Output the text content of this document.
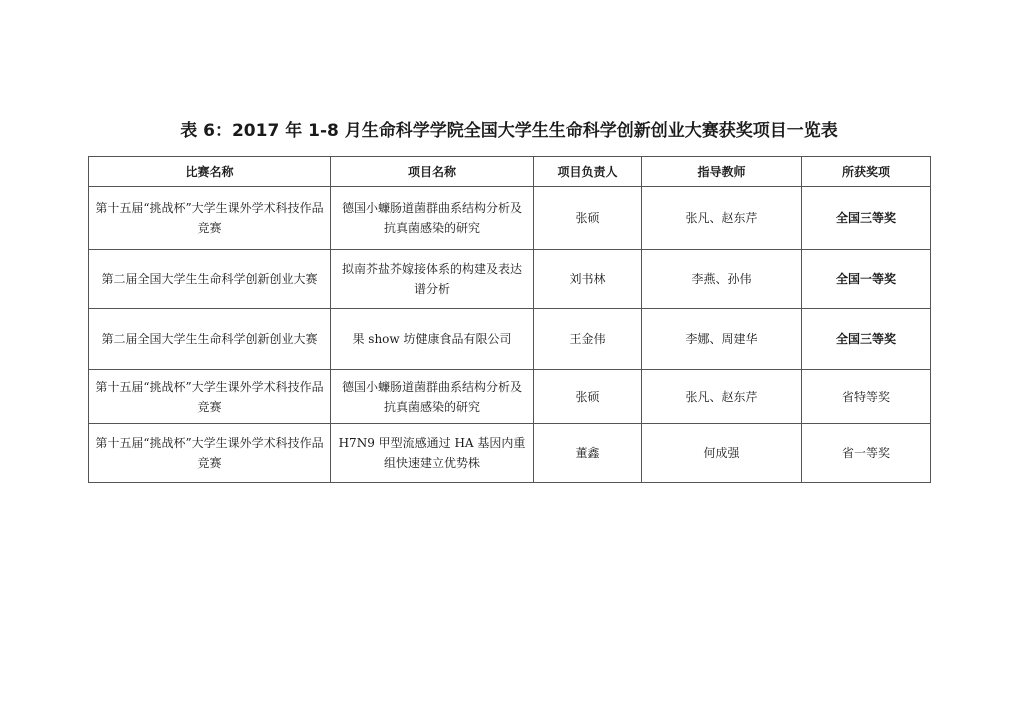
表 6：2017 年 1-8 月生命科学学院全国大学生生命科学创新创业大赛获奖项目一览表
比赛名称	项目名称	项目负责人	指导教师	所获奖项
第十五届“挑战杯”大学生课外学术科技作品竞赛	德国小蠊肠道菌群曲系结构分析及抗真菌感染的研究	张硕	张凡、赵东芹	全国三等奖
第二届全国大学生生命科学创新创业大赛	拟南芥盐芥嫁接体系的构建及表达谱分析	刘书林	李燕、孙伟	全国一等奖
第二届全国大学生生命科学创新创业大赛	果 show 坊健康食品有限公司	王金伟	李娜、周建华	全国三等奖
第十五届“挑战杯”大学生课外学术科技作品竞赛	德国小蠊肠道菌群曲系结构分析及抗真菌感染的研究	张硕	张凡、赵东芹	省特等奖
第十五届“挑战杯”大学生课外学术科技作品竞赛	H7N9 甲型流感通过 HA 基因内重组快速建立优势株	董鑫	何成强	省一等奖
